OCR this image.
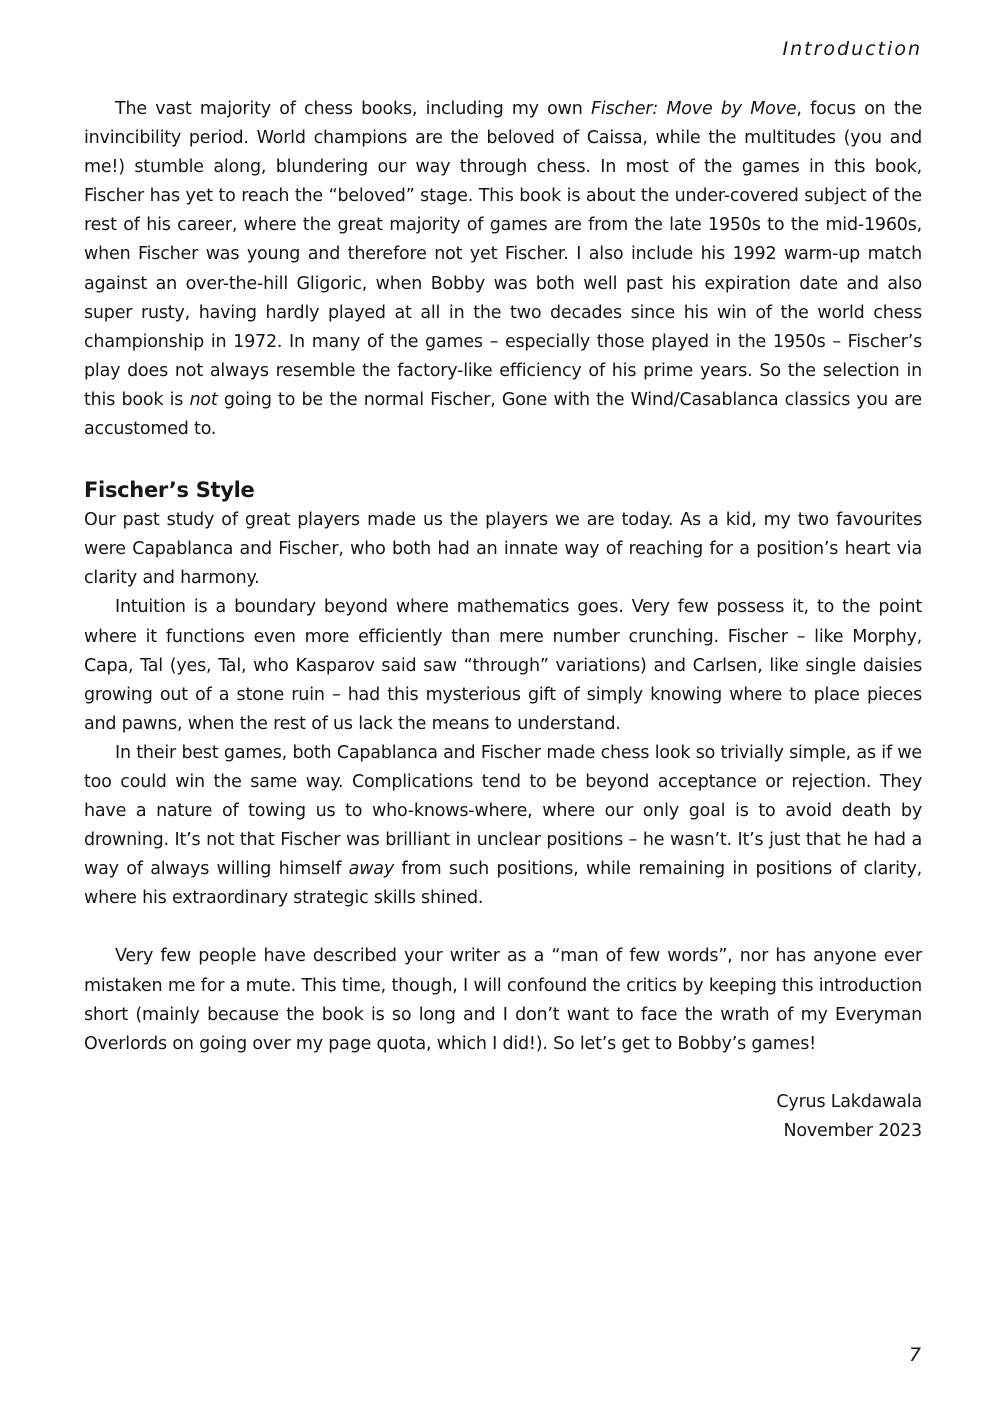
Introduction

The vast majority of chess books, including my own Fischer: Move by Move, focus on the invincibility period. World champions are the beloved of Caissa, while the multitudes (you and me!) stumble along, blundering our way through chess. In most of the games in this book, Fischer has yet to reach the “beloved” stage. This book is about the under-covered subject of the rest of his career, where the great majority of games are from the late 1950s to the mid-1960s, when Fischer was young and therefore not yet Fischer. I also include his 1992 warm-up match against an over-the-hill Gligoric, when Bobby was both well past his expiration date and also super rusty, having hardly played at all in the two decades since his win of the world chess championship in 1972. In many of the games – especially those played in the 1950s – Fischer’s play does not always resemble the factory-like efficiency of his prime years. So the selection in this book is not going to be the normal Fischer, Gone with the Wind/Casablanca classics you are accustomed to.

Fischer’s Style

Our past study of great players made us the players we are today. As a kid, my two favourites were Capablanca and Fischer, who both had an innate way of reaching for a position’s heart via clarity and harmony.

Intuition is a boundary beyond where mathematics goes. Very few possess it, to the point where it functions even more efficiently than mere number crunching. Fischer – like Morphy, Capa, Tal (yes, Tal, who Kasparov said saw “through” variations) and Carlsen, like single daisies growing out of a stone ruin – had this mysterious gift of simply knowing where to place pieces and pawns, when the rest of us lack the means to understand.

In their best games, both Capablanca and Fischer made chess look so trivially simple, as if we too could win the same way. Complications tend to be beyond acceptance or rejection. They have a nature of towing us to who-knows-where, where our only goal is to avoid death by drowning. It’s not that Fischer was brilliant in unclear positions – he wasn’t. It’s just that he had a way of always willing himself away from such positions, while remaining in positions of clarity, where his extraordinary strategic skills shined.

Very few people have described your writer as a “man of few words”, nor has anyone ever mistaken me for a mute. This time, though, I will confound the critics by keeping this introduction short (mainly because the book is so long and I don’t want to face the wrath of my Everyman Overlords on going over my page quota, which I did!). So let’s get to Bobby’s games!

Cyrus Lakdawala
November 2023
7
